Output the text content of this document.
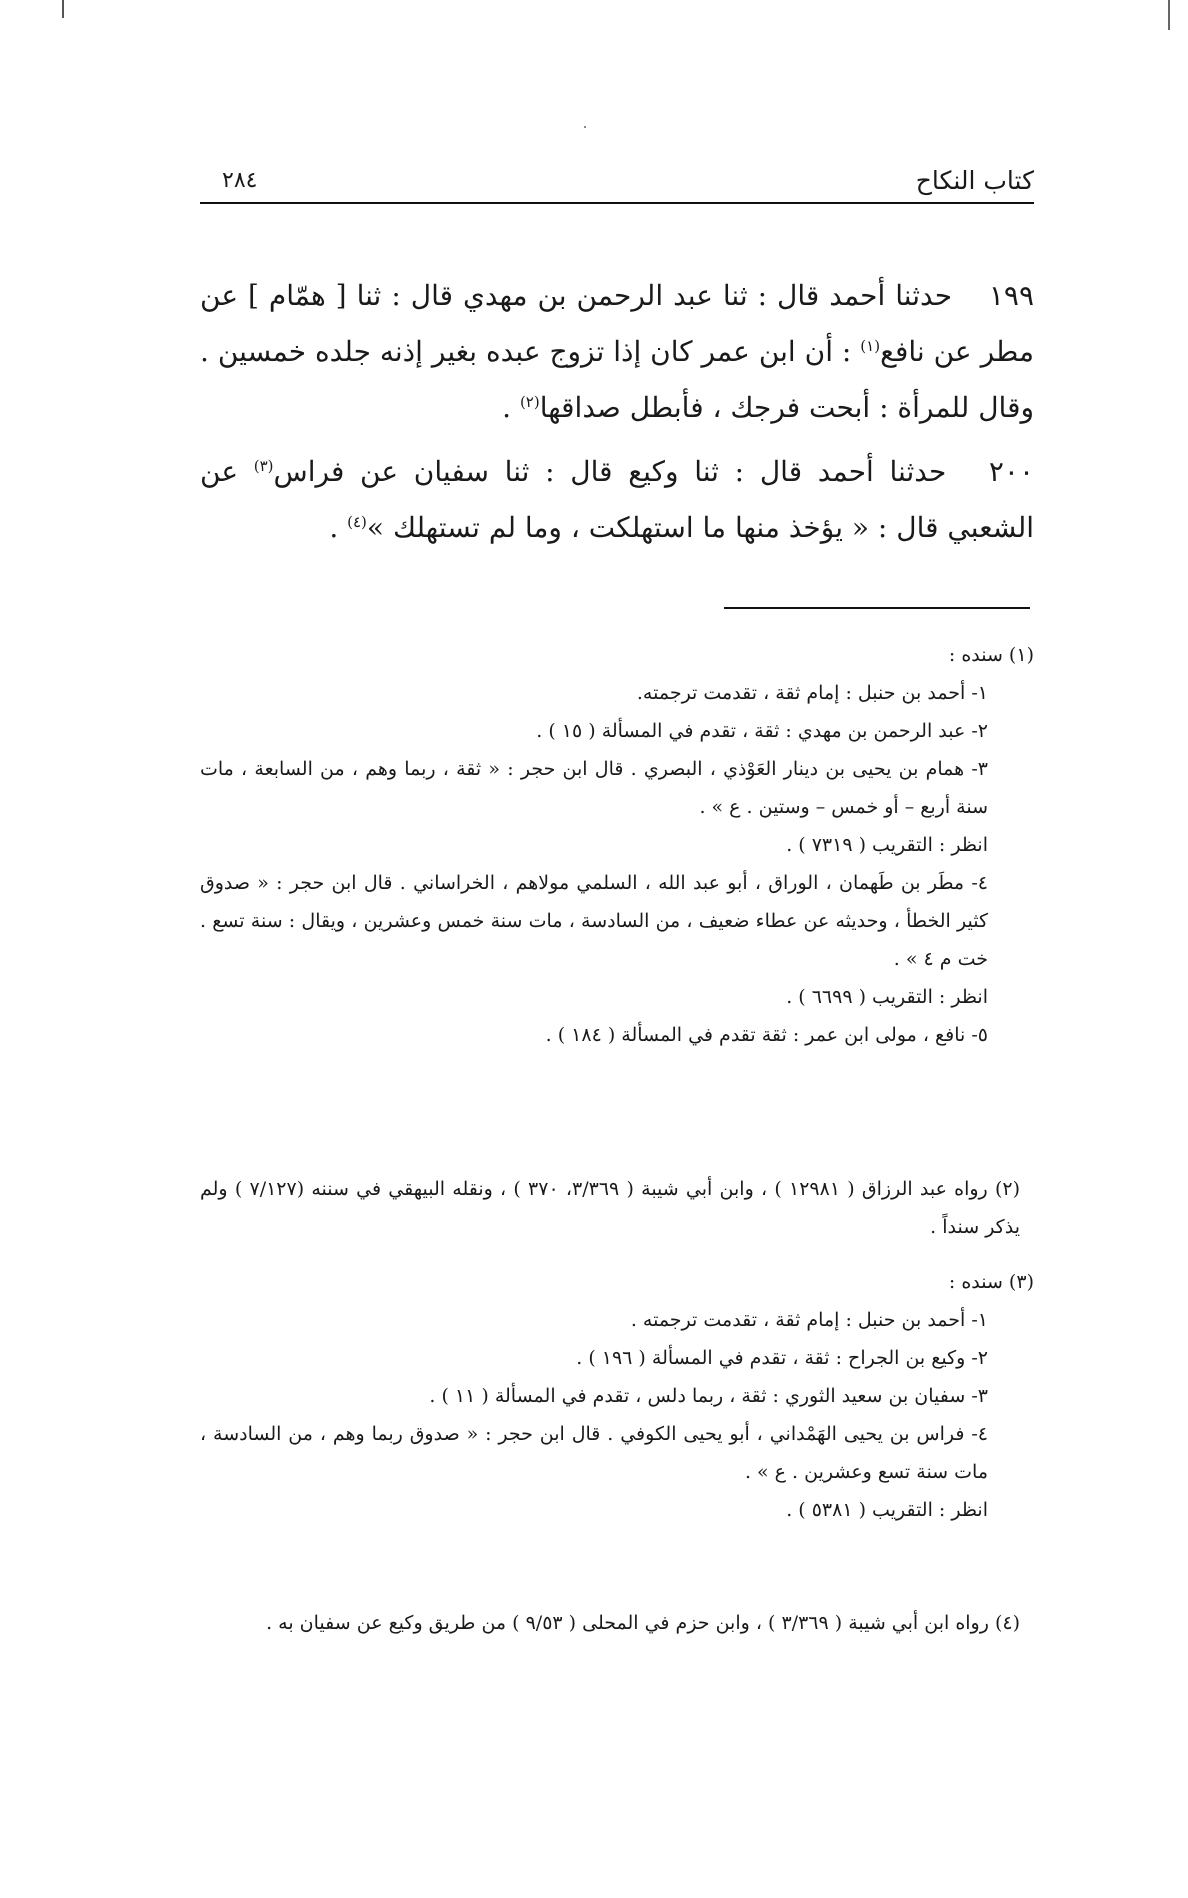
كتاب النكاح
٢٨٤
١٩٩ حدثنا أحمد قال : ثنا عبد الرحمن بن مهدي قال : ثنا [ همّام ] عن مطر عن نافع$^{(١)}$ : أن ابن عمر كان إذا تزوج عبده بغير إذنه جلده خمسين . وقال للمرأة : أبحت فرجك ، فأبطل صداقها$^{(٢)}$ .
٢٠٠ حدثنا أحمد قال : ثنا وكيع قال : ثنا سفيان عن فراس$^{(٣)}$ عن الشعبي قال : « يؤخذ منها ما استهلكت ، وما لم تستهلك »$^{(٤)}$ .

(١) سنده :

١- أحمد بن حنبل : إمام ثقة ، تقدمت ترجمته.

٢- عبد الرحمن بن مهدي : ثقة ، تقدم في المسألة ( ١٥ ) .

٣- همام بن يحيى بن دينار العَوْذي ، البصري . قال ابن حجر : « ثقة ، ربما وهم ، من السابعة ، مات سنة أربع – أو خمس – وستين . ع » .

انظر : التقريب ( ٧٣١٩ ) .

٤- مطَر بن طَهمان ، الوراق ، أبو عبد الله ، السلمي مولاهم ، الخراساني . قال ابن حجر : « صدوق كثير الخطأ ، وحديثه عن عطاء ضعيف ، من السادسة ، مات سنة خمس وعشرين ، ويقال : سنة تسع . خت م ٤ » .

انظر : التقريب ( ٦٦٩٩ ) .

٥- نافع ، مولى ابن عمر : ثقة تقدم في المسألة ( ١٨٤ ) .

(٢) رواه عبد الرزاق ( ١٢٩٨١ ) ، وابن أبي شيبة ( ٣/٣٦٩، ٣٧٠ ) ، ونقله البيهقي في سننه (٧/١٢٧ ) ولم يذكر سنداً .

(٣) سنده :

١- أحمد بن حنبل : إمام ثقة ، تقدمت ترجمته .

٢- وكيع بن الجراح : ثقة ، تقدم في المسألة ( ١٩٦ ) .

٣- سفيان بن سعيد الثوري : ثقة ، ربما دلس ، تقدم في المسألة ( ١١ ) .

٤- فراس بن يحيى الهَمْداني ، أبو يحيى الكوفي . قال ابن حجر : « صدوق ربما وهم ، من السادسة ، مات سنة تسع وعشرين . ع » .

انظر : التقريب ( ٥٣٨١ ) .

(٤) رواه ابن أبي شيبة ( ٣/٣٦٩ ) ، وابن حزم في المحلى ( ٩/٥٣ ) من طريق وكيع عن سفيان به .
